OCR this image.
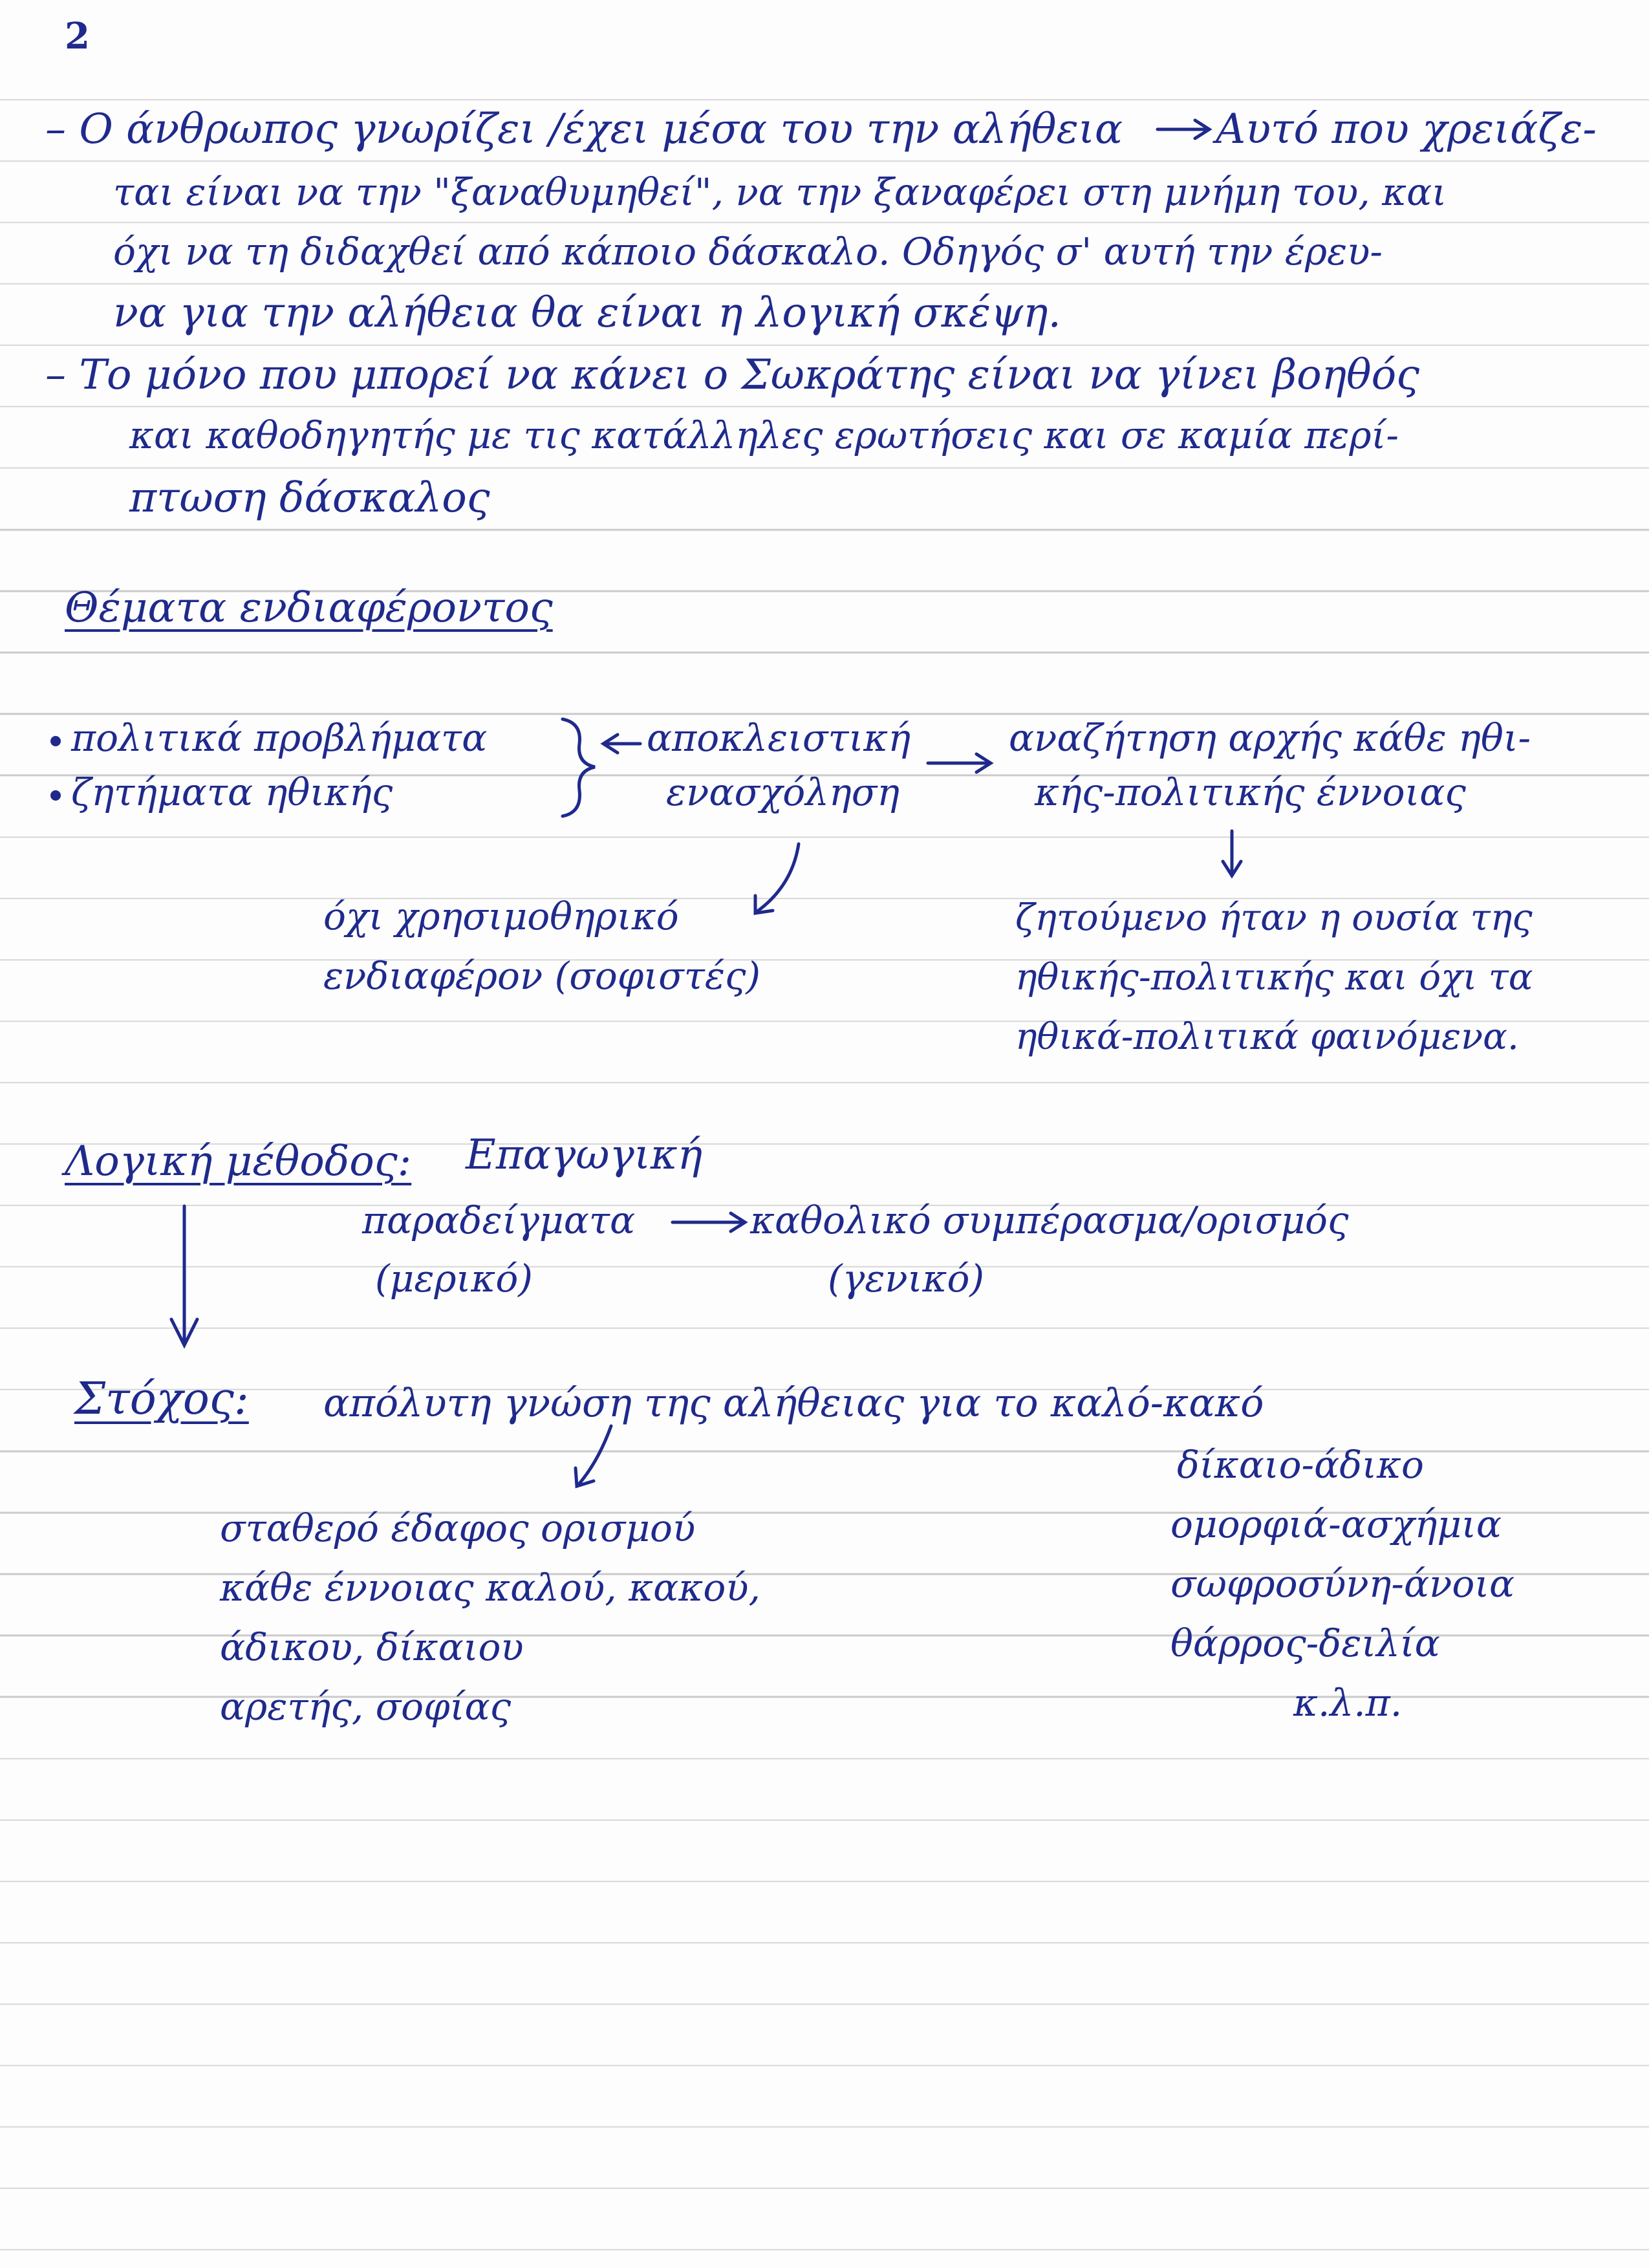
2
– Ο άνθρωπος γνωρίζει /έχει μέσα του την αλήθεια Αυτό που χρειάζε-
ται είναι να την "ξαναθυμηθεί", να την ξαναφέρει στη μνήμη του, και
όχι να τη διδαχθεί από κάποιο δάσκαλο. Οδηγός σ' αυτή την έρευ-
να για την αλήθεια θα είναι η λογική σκέψη.
– Το μόνο που μπορεί να κάνει ο Σωκράτης είναι να γίνει βοηθός
και καθοδηγητής με τις κατάλληλες ερωτήσεις και σε καμία περί-
πτωση δάσκαλος
Θέματα ενδιαφέροντος
πολιτικά προβλήματα
ζητήματα ηθικής
αποκλειστική
ενασχόληση
αναζήτηση αρχής κάθε ηθι-
κής-πολιτικής έννοιας
όχι χρησιμοθηρικό
ενδιαφέρον (σοφιστές)
ζητούμενο ήταν η ουσία της
ηθικής-πολιτικής και όχι τα
ηθικά-πολιτικά φαινόμενα.
Λογική μέθοδος: Επαγωγική
παραδείγματα	καθολικό συμπέρασμα/ορισμός
(μερικό)	(γενικό)
Στόχος: απόλυτη γνώση της αλήθειας για το καλό-κακό
δίκαιο-άδικο
ομορφιά-ασχήμια
σωφροσύνη-άνοια
θάρρος-δειλία
κ.λ.π.
σταθερό έδαφος ορισμού
κάθε έννοιας καλού, κακού,
άδικου, δίκαιου
αρετής, σοφίας
